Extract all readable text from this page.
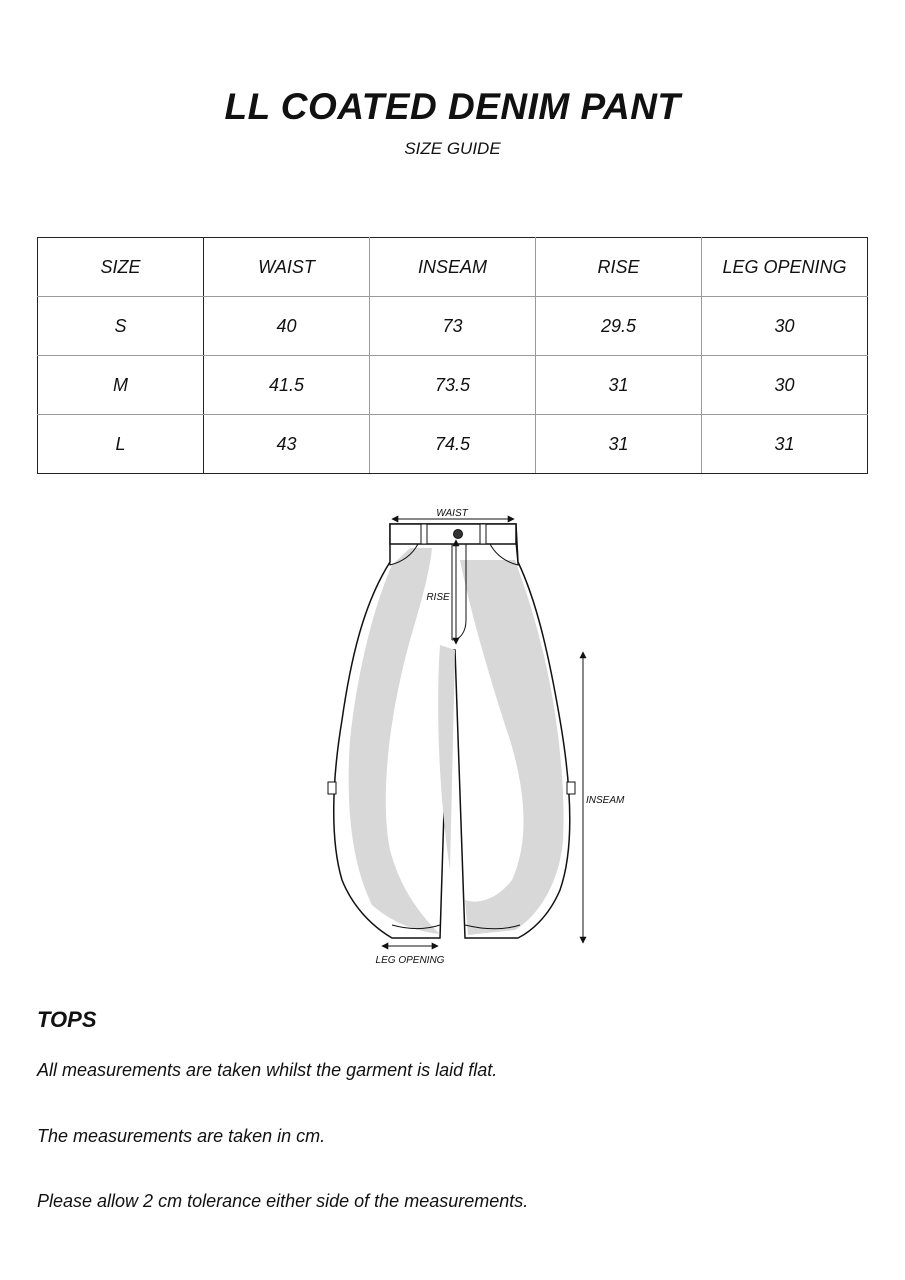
LL COATED DENIM PANT
SIZE GUIDE
SIZE	WAIST	INSEAM	RISE	LEG OPENING
S	40	73	29.5	30
M	41.5	73.5	31	30
L	43	74.5	31	31
WAIST
RISE
INSEAM
LEG OPENING
TOPS
All measurements are taken whilst the garment is laid flat.
The measurements are taken in cm.
Please allow 2 cm tolerance either side of the measurements.
